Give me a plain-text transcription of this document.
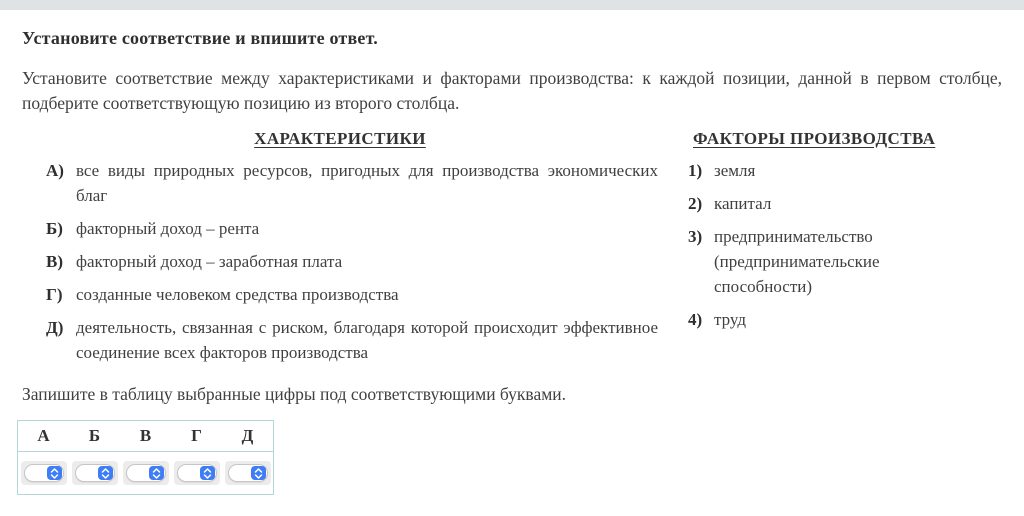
Установите соответствие и впишите ответ.

Установите соответствие между характеристиками и факторами производства: к каждой позиции, данной в первом столбце, подберите соответствующую позицию из второго столбца.

ХАРАКТЕРИСТИКИ
А) все виды природных ресурсов, пригодных для производства экономических благ
Б) факторный доход – рента
В) факторный доход – заработная плата
Г) созданные человеком средства производства
Д) деятельность, связанная с риском, благодаря которой происходит эффективное соединение всех факторов производства
ФАКТОРЫ ПРОИЗВОДСТВА
1) земля
2) капитал
3) предпринимательство (предпринимательские способности)
4) труд

Запишите в таблицу выбранные цифры под соответствующими буквами.

А	Б	В	Г	Д
